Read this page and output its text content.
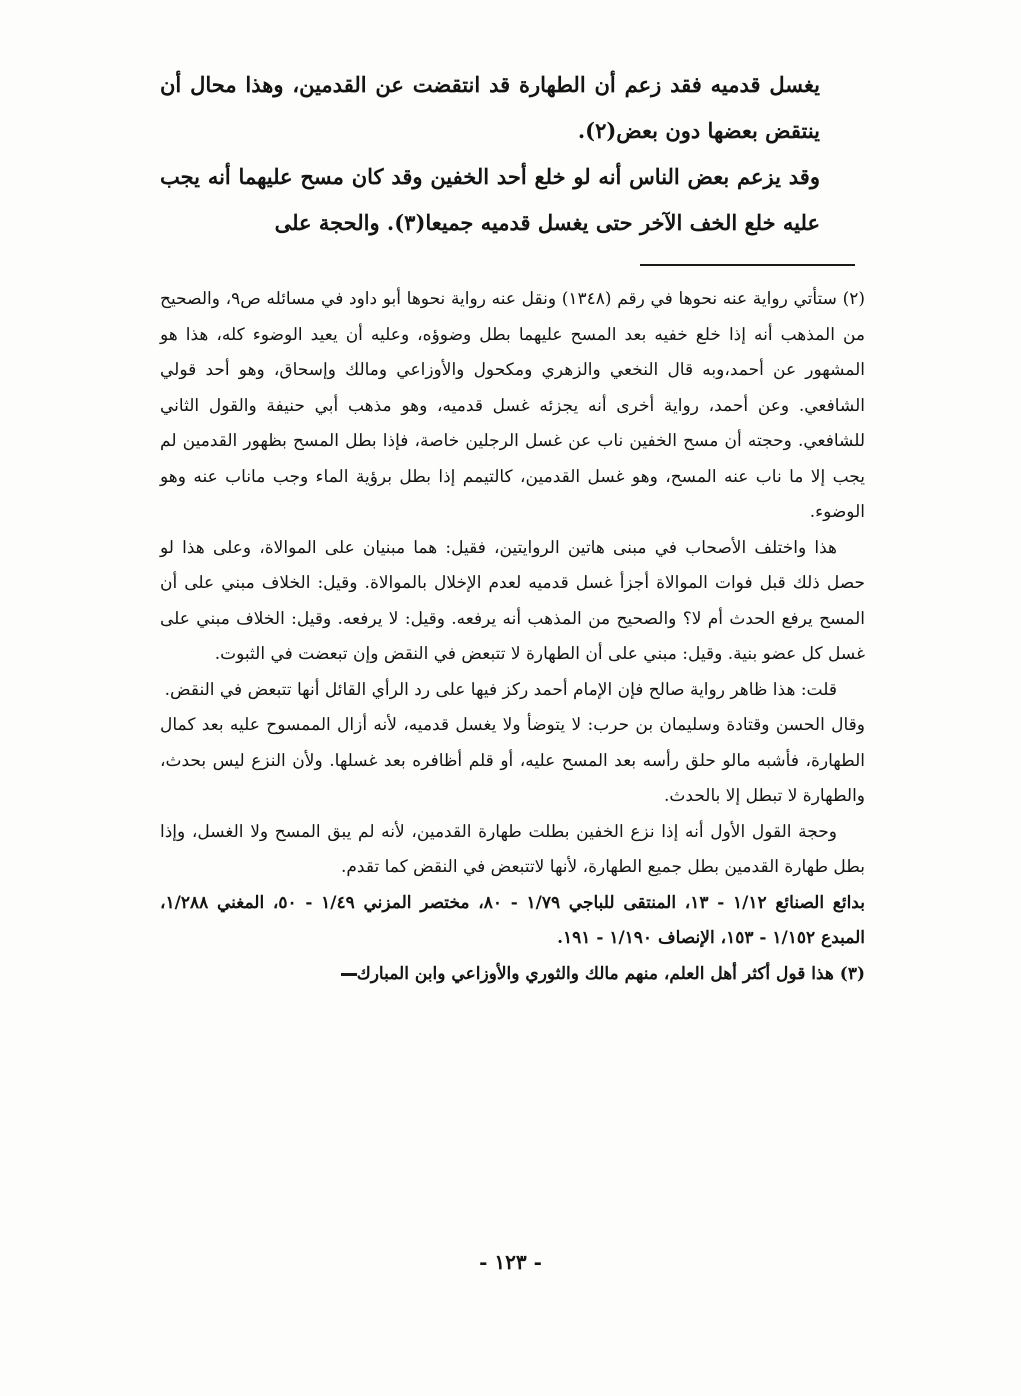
يغسل قدميه فقد زعم أن الطهارة قد انتقضت عن القدمين، وهذا محال أن ينتقض بعضها دون بعض(٢).

وقد يزعم بعض الناس أنه لو خلع أحد الخفين وقد كان مسح عليهما أنه يجب عليه خلع الخف الآخر حتى يغسل قدميه جميعا(٣). والحجة على

(٢) ستأتي رواية عنه نحوها في رقم (١٣٤٨) ونقل عنه رواية نحوها أبو داود في مسائله ص٩، والصحيح من المذهب أنه إذا خلع خفيه بعد المسح عليهما بطل وضوؤه، وعليه أن يعيد الوضوء كله، هذا هو المشهور عن أحمد،وبه قال النخعي والزهري ومكحول والأوزاعي ومالك وإسحاق، وهو أحد قولي الشافعي. وعن أحمد، رواية أخرى أنه يجزئه غسل قدميه، وهو مذهب أبي حنيفة والقول الثاني للشافعي. وحجته أن مسح الخفين ناب عن غسل الرجلين خاصة، فإذا بطل المسح بظهور القدمين لم يجب إلا ما ناب عنه المسح، وهو غسل القدمين، كالتيمم إذا بطل برؤية الماء وجب ماناب عنه وهو الوضوء.

هذا واختلف الأصحاب في مبنى هاتين الروايتين، فقيل: هما مبنيان على الموالاة، وعلى هذا لو حصل ذلك قبل فوات الموالاة أجزأ غسل قدميه لعدم الإخلال بالموالاة. وقيل: الخلاف مبني على أن المسح يرفع الحدث أم لا؟ والصحيح من المذهب أنه يرفعه. وقيل: لا يرفعه. وقيل: الخلاف مبني على غسل كل عضو بنية. وقيل: مبني على أن الطهارة لا تتبعض في النقض وإن تبعضت في الثبوت.

قلت: هذا ظاهر رواية صالح فإن الإمام أحمد ركز فيها على رد الرأي القائل أنها تتبعض في النقض.

وقال الحسن وقتادة وسليمان بن حرب: لا يتوضأ ولا يغسل قدميه، لأنه أزال الممسوح عليه بعد كمال الطهارة، فأشبه مالو حلق رأسه بعد المسح عليه، أو قلم أظافره بعد غسلها. ولأن النزع ليس بحدث، والطهارة لا تبطل إلا بالحدث.

وحجة القول الأول أنه إذا نزع الخفين بطلت طهارة القدمين، لأنه لم يبق المسح ولا الغسل، وإذا بطل طهارة القدمين بطل جميع الطهارة، لأنها لاتتبعض في النقض كما تقدم.

بدائع الصنائع ١/١٢ - ١٣، المنتقى للباجي ١/٧٩ - ٨٠، مختصر المزني ١/٤٩ - ٥٠، المغني ١/٢٨٨، المبدع ١/١٥٢ - ١٥٣، الإنصاف ١/١٩٠ - ١٩١.

(٣) هذا قول أكثر أهل العلم، منهم مالك والثوري والأوزاعي وابن المبارك

- ١٢٣ -
